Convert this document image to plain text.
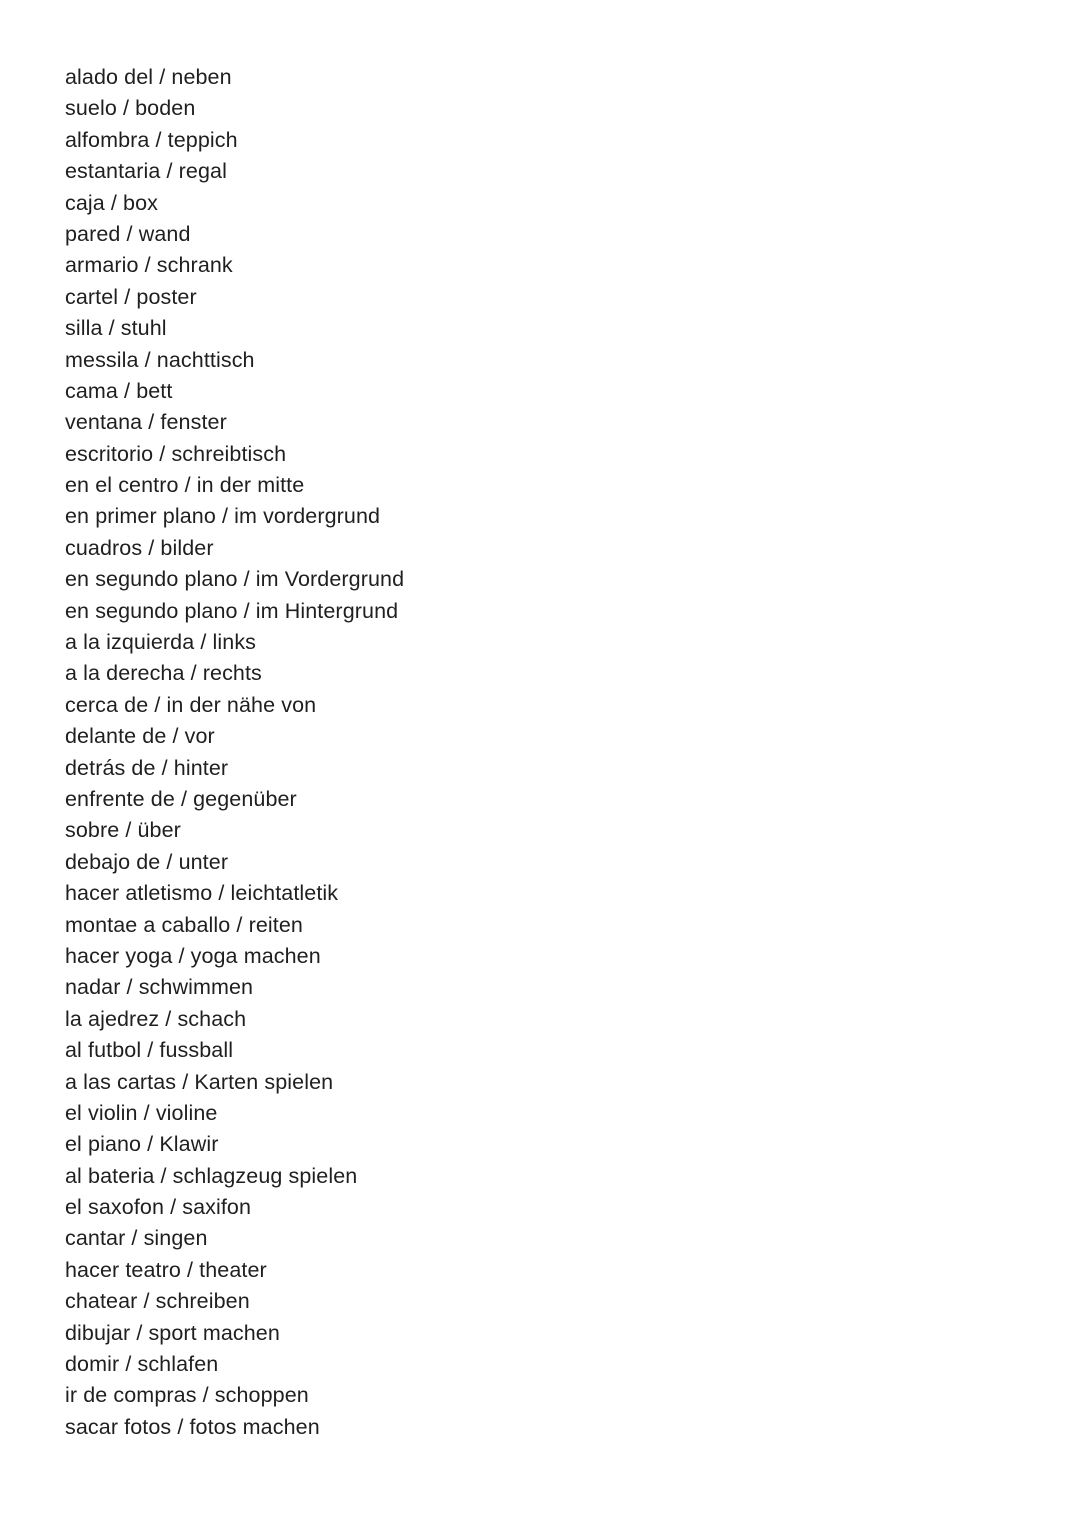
alado del / neben
suelo / boden
alfombra / teppich
estantaria / regal
caja / box
pared / wand
armario / schrank
cartel / poster
silla / stuhl
messila / nachttisch
cama / bett
ventana / fenster
escritorio / schreibtisch
en el centro / in der mitte
en primer plano / im vordergrund
cuadros / bilder
en segundo plano / im Vordergrund
en segundo plano / im Hintergrund
a la izquierda / links
a la derecha / rechts
cerca de / in der nähe von
delante de / vor
detrás de / hinter
enfrente de / gegenüber
sobre / über
debajo de / unter
hacer atletismo / leichtatletik
montae a caballo / reiten
hacer yoga / yoga machen
nadar / schwimmen
la ajedrez / schach
al futbol / fussball
a las cartas / Karten spielen
el violin / violine
el piano / Klawir
al bateria / schlagzeug spielen
el saxofon / saxifon
cantar / singen
hacer teatro / theater
chatear / schreiben
dibujar / sport machen
domir / schlafen
ir de compras / schoppen
sacar fotos / fotos machen
